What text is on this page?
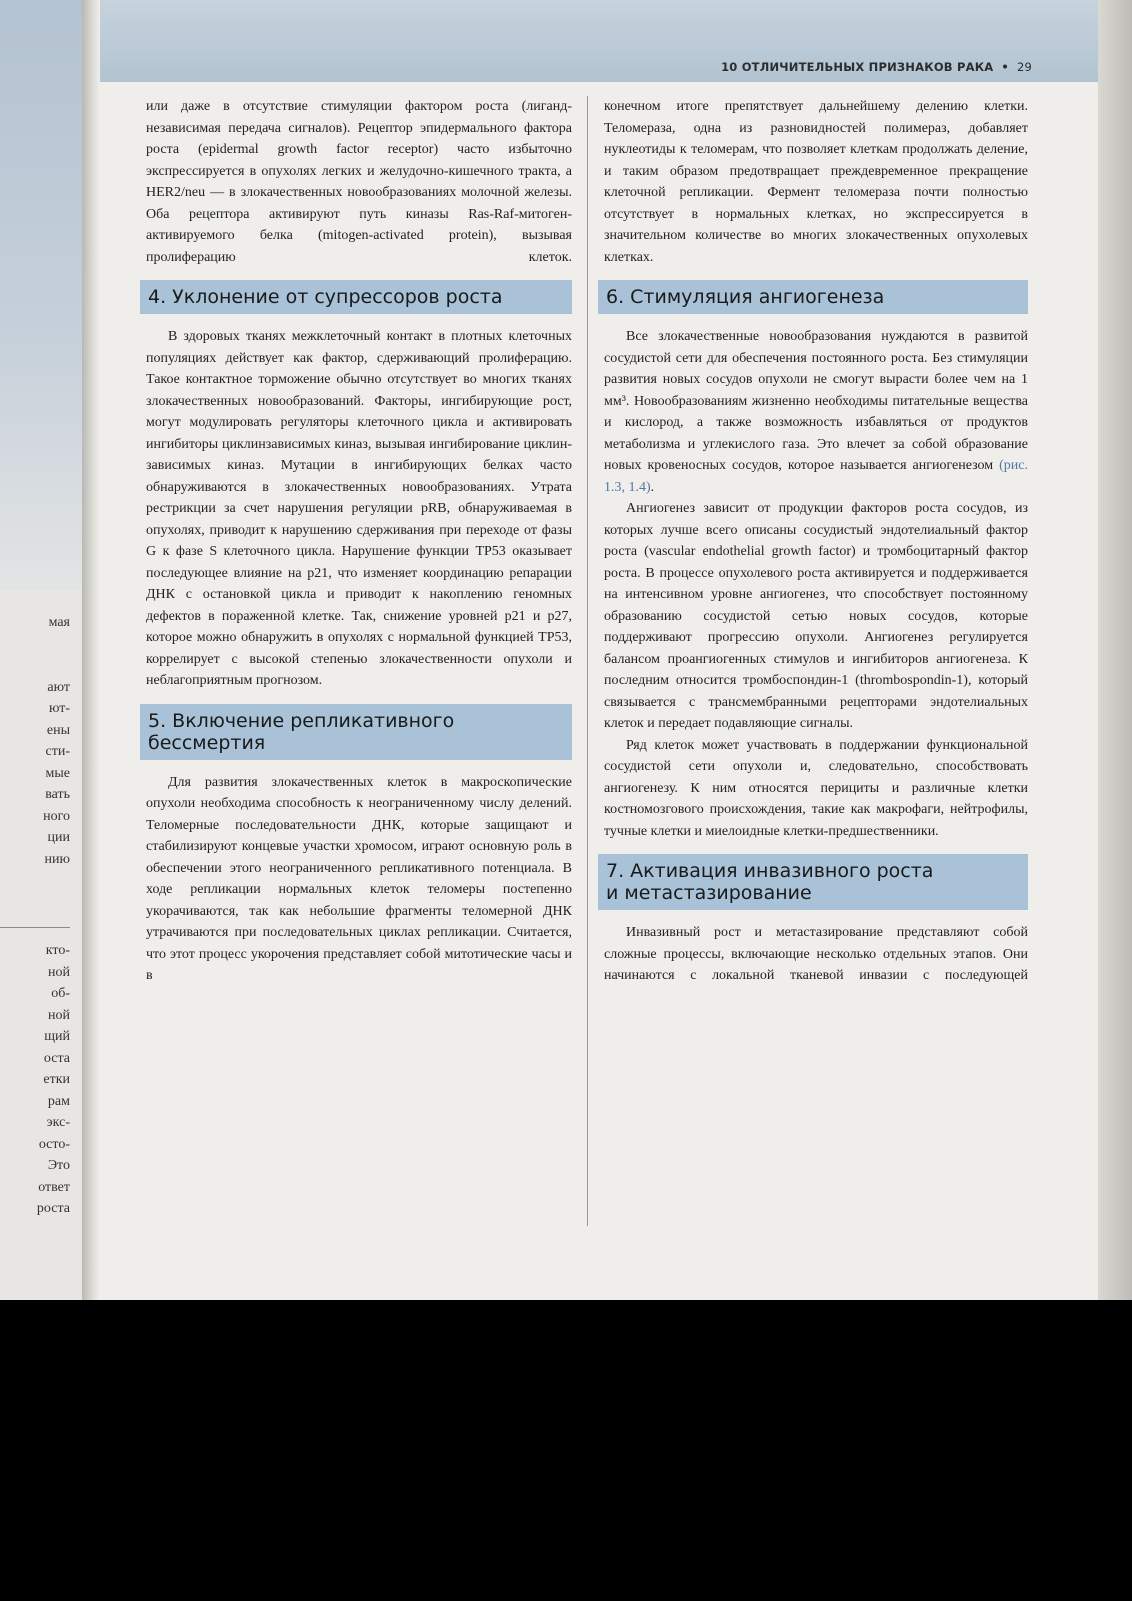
мая
ают
ют-
ены
сти-
мые
вать
ного
ции
нию
кто-
ной
об-
ной
щий
оста
етки
рам
экс-
осто-
Это
ответ
роста
10 ОТЛИЧИТЕЛЬНЫХ ПРИЗНАКОВ РАКА • 29

или даже в отсутствие стимуляции фактором роста (лиганд-независимая передача сигналов). Рецептор эпидермального фактора роста (epidermal growth factor receptor) часто избыточно экспрессируется в опухолях легких и желудочно-кишечного тракта, а HER2/neu — в злокачественных новообразованиях молочной железы. Оба рецептора активируют путь киназы Ras-Raf-митоген-активируемого белка (mitogen-activated protein), вызывая пролиферацию клеток.

4. Уклонение от супрессоров роста

В здоровых тканях межклеточный контакт в плотных клеточных популяциях действует как фактор, сдерживающий пролиферацию. Такое контактное торможение обычно отсутствует во многих тканях злокачественных новообразований. Факторы, ингибирующие рост, могут модулировать регуляторы клеточного цикла и активировать ингибиторы циклинзависимых киназ, вызывая ингибирование циклин-зависимых киназ. Мутации в ингибирующих белках часто обнаруживаются в злокачественных новообразованиях. Утрата рестрикции за счет нарушения регуляции pRB, обнаруживаемая в опухолях, приводит к нарушению сдерживания при переходе от фазы G к фазе S клеточного цикла. Нарушение функции TP53 оказывает последующее влияние на p21, что изменяет координацию репарации ДНК с остановкой цикла и приводит к накоплению геномных дефектов в пораженной клетке. Так, снижение уровней p21 и p27, которое можно обнаружить в опухолях с нормальной функцией TP53, коррелирует с высокой степенью злокачественности опухоли и неблагоприятным прогнозом.

5. Включение репликативного
бессмертия

Для развития злокачественных клеток в макроскопические опухоли необходима способность к неограниченному числу делений. Теломерные последовательности ДНК, которые защищают и стабилизируют концевые участки хромосом, играют основную роль в обеспечении этого неограниченного репликативного потенциала. В ходе репликации нормальных клеток теломеры постепенно укорачиваются, так как небольшие фрагменты теломерной ДНК утрачиваются при последовательных циклах репликации. Считается, что этот процесс укорочения представляет собой митотические часы и в

конечном итоге препятствует дальнейшему делению клетки. Теломераза, одна из разновидностей полимераз, добавляет нуклеотиды к теломерам, что позволяет клеткам продолжать деление, и таким образом предотвращает преждевременное прекращение клеточной репликации. Фермент теломераза почти полностью отсутствует в нормальных клетках, но экспрессируется в значительном количестве во многих злокачественных опухолевых клетках.

6. Стимуляция ангиогенеза

Все злокачественные новообразования нуждаются в развитой сосудистой сети для обеспечения постоянного роста. Без стимуляции развития новых сосудов опухоли не смогут вырасти более чем на 1 мм³. Новообразованиям жизненно необходимы питательные вещества и кислород, а также возможность избавляться от продуктов метаболизма и углекислого газа. Это влечет за собой образование новых кровеносных сосудов, которое называется ангиогенезом (рис. 1.3, 1.4).

Ангиогенез зависит от продукции факторов роста сосудов, из которых лучше всего описаны сосудистый эндотелиальный фактор роста (vascular endothelial growth factor) и тромбоцитарный фактор роста. В процессе опухолевого роста активируется и поддерживается на интенсивном уровне ангиогенез, что способствует постоянному образованию сосудистой сетью новых сосудов, которые поддерживают прогрессию опухоли. Ангиогенез регулируется балансом проангиогенных стимулов и ингибиторов ангиогенеза. К последним относится тромбоспондин-1 (thrombospondin-1), который связывается с трансмембранными рецепторами эндотелиальных клеток и передает подавляющие сигналы.

Ряд клеток может участвовать в поддержании функциональной сосудистой сети опухоли и, следовательно, способствовать ангиогенезу. К ним относятся перициты и различные клетки костномозгового происхождения, такие как макрофаги, нейтрофилы, тучные клетки и миелоидные клетки-предшественники.

7. Активация инвазивного роста
и метастазирование

Инвазивный рост и метастазирование представляют собой сложные процессы, включающие несколько отдельных этапов. Они начинаются с локальной тканевой инвазии с последующей
